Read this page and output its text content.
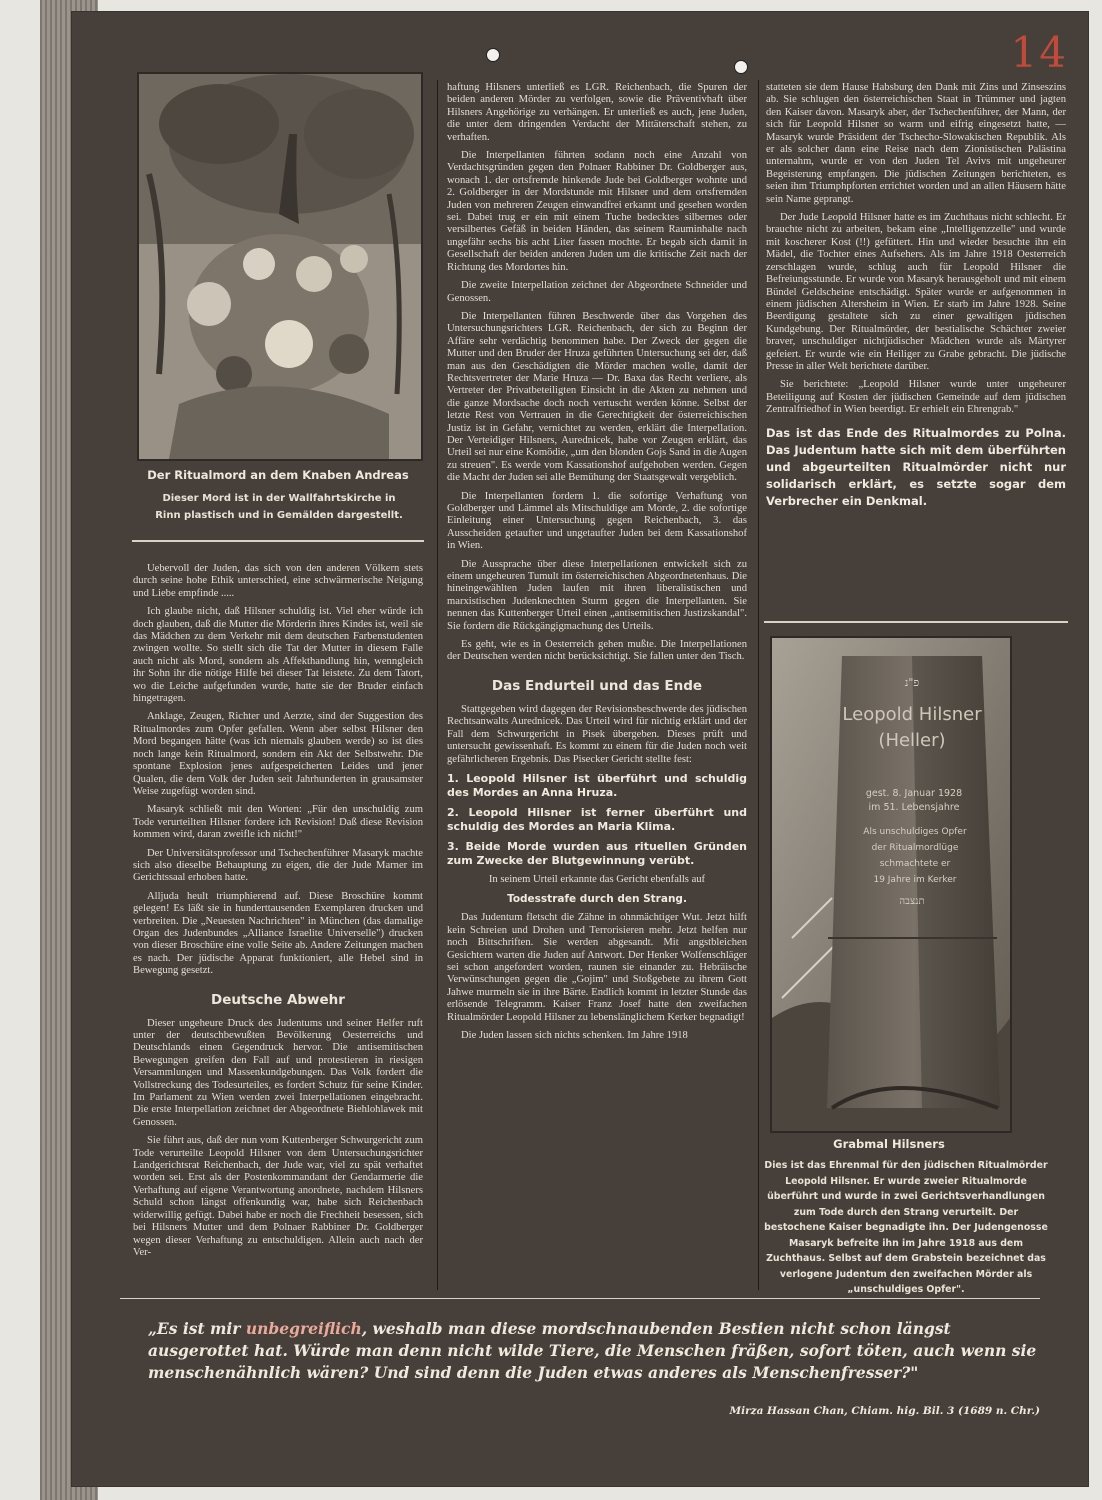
14
Der Ritualmord an dem Knaben Andreas
Dieser Mord ist in der Wallfahrtskirche in Rinn plastisch und in Gemälden dargestellt.

Uebervoll der Juden, das sich von den anderen Völkern stets durch seine hohe Ethik unterschied, eine schwärmerische Neigung und Liebe empfinde .....

Ich glaube nicht, daß Hilsner schuldig ist. Viel eher würde ich doch glauben, daß die Mutter die Mörderin ihres Kindes ist, weil sie das Mädchen zu dem Verkehr mit dem deutschen Farbenstudenten zwingen wollte. So stellt sich die Tat der Mutter in diesem Falle auch nicht als Mord, sondern als Affekthandlung hin, wenngleich ihr Sohn ihr die nötige Hilfe bei dieser Tat leistete. Zu dem Tatort, wo die Leiche aufgefunden wurde, hatte sie der Bruder einfach hingetragen.

Anklage, Zeugen, Richter und Aerzte, sind der Suggestion des Ritualmordes zum Opfer gefallen. Wenn aber selbst Hilsner den Mord begangen hätte (was ich niemals glauben werde) so ist dies noch lange kein Ritualmord, sondern ein Akt der Selbstwehr. Die spontane Explosion jenes aufgespeicherten Leides und jener Qualen, die dem Volk der Juden seit Jahrhunderten in grausamster Weise zugefügt worden sind.

Masaryk schließt mit den Worten: „Für den unschuldig zum Tode verurteilten Hilsner fordere ich Revision! Daß diese Revision kommen wird, daran zweifle ich nicht!"

Der Universitätsprofessor und Tschechenführer Masaryk machte sich also dieselbe Behauptung zu eigen, die der Jude Marner im Gerichtssaal erhoben hatte.

Alljuda heult triumphierend auf. Diese Broschüre kommt gelegen! Es läßt sie in hunderttausenden Exemplaren drucken und verbreiten. Die „Neuesten Nachrichten" in München (das damalige Organ des Judenbundes „Alliance Israelite Universelle") drucken von dieser Broschüre eine volle Seite ab. Andere Zeitungen machen es nach. Der jüdische Apparat funktioniert, alle Hebel sind in Bewegung gesetzt.

Deutsche Abwehr

Dieser ungeheure Druck des Judentums und seiner Helfer ruft unter der deutschbewußten Bevölkerung Oesterreichs und Deutschlands einen Gegendruck hervor. Die antisemitischen Bewegungen greifen den Fall auf und protestieren in riesigen Versammlungen und Massenkundgebungen. Das Volk fordert die Vollstreckung des Todesurteiles, es fordert Schutz für seine Kinder. Im Parlament zu Wien werden zwei Interpellationen eingebracht. Die erste Interpellation zeichnet der Abgeordnete Biehlohlawek mit Genossen.

Sie führt aus, daß der nun vom Kuttenberger Schwurgericht zum Tode verurteilte Leopold Hilsner von dem Untersuchungsrichter Landgerichtsrat Reichenbach, der Jude war, viel zu spät verhaftet worden sei. Erst als der Postenkommandant der Gendarmerie die Verhaftung auf eigene Verantwortung anordnete, nachdem Hilsners Schuld schon längst offenkundig war, habe sich Reichenbach widerwillig gefügt. Dabei habe er noch die Frechheit besessen, sich bei Hilsners Mutter und dem Polnaer Rabbiner Dr. Goldberger wegen dieser Verhaftung zu entschuldigen. Allein auch nach der Ver-

haftung Hilsners unterließ es LGR. Reichenbach, die Spuren der beiden anderen Mörder zu verfolgen, sowie die Präventivhaft über Hilsners Angehörige zu verhängen. Er unterließ es auch, jene Juden, die unter dem dringenden Verdacht der Mittäterschaft stehen, zu verhaften.

Die Interpellanten führten sodann noch eine Anzahl von Verdachtsgründen gegen den Polnaer Rabbiner Dr. Goldberger aus, wonach 1. der ortsfremde hinkende Jude bei Goldberger wohnte und 2. Goldberger in der Mordstunde mit Hilsner und dem ortsfremden Juden von mehreren Zeugen einwandfrei erkannt und gesehen worden sei. Dabei trug er ein mit einem Tuche bedecktes silbernes oder versilbertes Gefäß in beiden Händen, das seinem Rauminhalte nach ungefähr sechs bis acht Liter fassen mochte. Er begab sich damit in Gesellschaft der beiden anderen Juden um die kritische Zeit nach der Richtung des Mordortes hin.

Die zweite Interpellation zeichnet der Abgeordnete Schneider und Genossen.

Die Interpellanten führen Beschwerde über das Vorgehen des Untersuchungsrichters LGR. Reichenbach, der sich zu Beginn der Affäre sehr verdächtig benommen habe. Der Zweck der gegen die Mutter und den Bruder der Hruza geführten Untersuchung sei der, daß man aus den Geschädigten die Mörder machen wolle, damit der Rechtsvertreter der Marie Hruza — Dr. Baxa das Recht verliere, als Vertreter der Privatbeteiligten Einsicht in die Akten zu nehmen und die ganze Mordsache doch noch vertuscht werden könne. Selbst der letzte Rest von Vertrauen in die Gerechtigkeit der österreichischen Justiz ist in Gefahr, vernichtet zu werden, erklärt die Interpellation. Der Verteidiger Hilsners, Aurednicek, habe vor Zeugen erklärt, das Urteil sei nur eine Komödie, „um den blonden Gojs Sand in die Augen zu streuen". Es werde vom Kassationshof aufgehoben werden. Gegen die Macht der Juden sei alle Bemühung der Staatsgewalt vergeblich.

Die Interpellanten fordern 1. die sofortige Verhaftung von Goldberger und Lämmel als Mitschuldige am Morde, 2. die sofortige Einleitung einer Untersuchung gegen Reichenbach, 3. das Ausscheiden getaufter und ungetaufter Juden bei dem Kassationshof in Wien.

Die Aussprache über diese Interpellationen entwickelt sich zu einem ungeheuren Tumult im österreichischen Abgeordnetenhaus. Die hineingewählten Juden laufen mit ihren liberalistischen und marxistischen Judenknechten Sturm gegen die Interpellanten. Sie nennen das Kuttenberger Urteil einen „antisemitischen Justizskandal". Sie fordern die Rückgängigmachung des Urteils.

Es geht, wie es in Oesterreich gehen mußte. Die Interpellationen der Deutschen werden nicht berücksichtigt. Sie fallen unter den Tisch.

Das Endurteil und das Ende

Stattgegeben wird dagegen der Revisionsbeschwerde des jüdischen Rechtsanwalts Aurednicek. Das Urteil wird für nichtig erklärt und der Fall dem Schwurgericht in Pisek übergeben. Dieses prüft und untersucht gewissenhaft. Es kommt zu einem für die Juden noch weit gefährlicheren Ergebnis. Das Pisecker Gericht stellte fest:

1. Leopold Hilsner ist überführt und schuldig des Mordes an Anna Hruza.

2. Leopold Hilsner ist ferner überführt und schuldig des Mordes an Maria Klima.

3. Beide Morde wurden aus rituellen Gründen zum Zwecke der Blutgewinnung verübt.

In seinem Urteil erkannte das Gericht ebenfalls auf

Todesstrafe durch den Strang.

Das Judentum fletscht die Zähne in ohnmächtiger Wut. Jetzt hilft kein Schreien und Drohen und Terrorisieren mehr. Jetzt helfen nur noch Bittschriften. Sie werden abgesandt. Mit angstbleichen Gesichtern warten die Juden auf Antwort. Der Henker Wolfenschläger sei schon angefordert worden, raunen sie einander zu. Hebräische Verwünschungen gegen die „Gojim" und Stoßgebete zu ihrem Gott Jahwe murmeln sie in ihre Bärte. Endlich kommt in letzter Stunde das erlösende Telegramm. Kaiser Franz Josef hatte den zweifachen Ritualmörder Leopold Hilsner zu lebenslänglichem Kerker begnadigt!

Die Juden lassen sich nichts schenken. Im Jahre 1918

statteten sie dem Hause Habsburg den Dank mit Zins und Zinseszins ab. Sie schlugen den österreichischen Staat in Trümmer und jagten den Kaiser davon. Masaryk aber, der Tschechenführer, der Mann, der sich für Leopold Hilsner so warm und eifrig eingesetzt hatte, — Masaryk wurde Präsident der Tschecho-Slowakischen Republik. Als er als solcher dann eine Reise nach dem Zionistischen Palästina unternahm, wurde er von den Juden Tel Avivs mit ungeheurer Begeisterung empfangen. Die jüdischen Zeitungen berichteten, es seien ihm Triumphpforten errichtet worden und an allen Häusern hätte sein Name geprangt.

Der Jude Leopold Hilsner hatte es im Zuchthaus nicht schlecht. Er brauchte nicht zu arbeiten, bekam eine „Intelligenzzelle" und wurde mit koscherer Kost (!!) gefüttert. Hin und wieder besuchte ihn ein Mädel, die Tochter eines Aufsehers. Als im Jahre 1918 Oesterreich zerschlagen wurde, schlug auch für Leopold Hilsner die Befreiungsstunde. Er wurde von Masaryk herausgeholt und mit einem Bündel Geldscheine entschädigt. Später wurde er aufgenommen in einem jüdischen Altersheim in Wien. Er starb im Jahre 1928. Seine Beerdigung gestaltete sich zu einer gewaltigen jüdischen Kundgebung. Der Ritualmörder, der bestialische Schächter zweier braver, unschuldiger nichtjüdischer Mädchen wurde als Märtyrer gefeiert. Er wurde wie ein Heiliger zu Grabe gebracht. Die jüdische Presse in aller Welt berichtete darüber.

Sie berichtete: „Leopold Hilsner wurde unter ungeheurer Beteiligung auf Kosten der jüdischen Gemeinde auf dem jüdischen Zentralfriedhof in Wien beerdigt. Er erhielt ein Ehrengrab."

Das ist das Ende des Ritualmordes zu Polna. Das Judentum hatte sich mit dem überführten und abgeurteilten Ritualmörder nicht nur solidarisch erklärt, es setzte sogar dem Verbrecher ein Denkmal.

פ"נ
Leopold Hilsner
(Heller)
gest. 8. Januar 1928
im 51. Lebensjahre
Als unschuldiges Opfer
der Ritualmordlüge
schmachtete er
19 Jahre im Kerker
תנצבה
Grabmal Hilsners
Dies ist das Ehrenmal für den jüdischen Ritualmörder Leopold Hilsner. Er wurde zweier Ritualmorde überführt und wurde in zwei Gerichtsverhandlungen zum Tode durch den Strang verurteilt. Der bestochene Kaiser begnadigte ihn. Der Judengenosse Masaryk befreite ihn im Jahre 1918 aus dem Zuchthaus. Selbst auf dem Grabstein bezeichnet das verlogene Judentum den zweifachen Mörder als „unschuldiges Opfer".
„Es ist mir unbegreiflich, weshalb man diese mordschnaubenden Bestien nicht schon längst ausgerottet hat. Würde man denn nicht wilde Tiere, die Menschen fräßen, sofort töten, auch wenn sie menschenähnlich wären? Und sind denn die Juden etwas anderes als Menschenfresser?"
Mirza Hassan Chan, Chiam. hig. Bil. 3 (1689 n. Chr.)
